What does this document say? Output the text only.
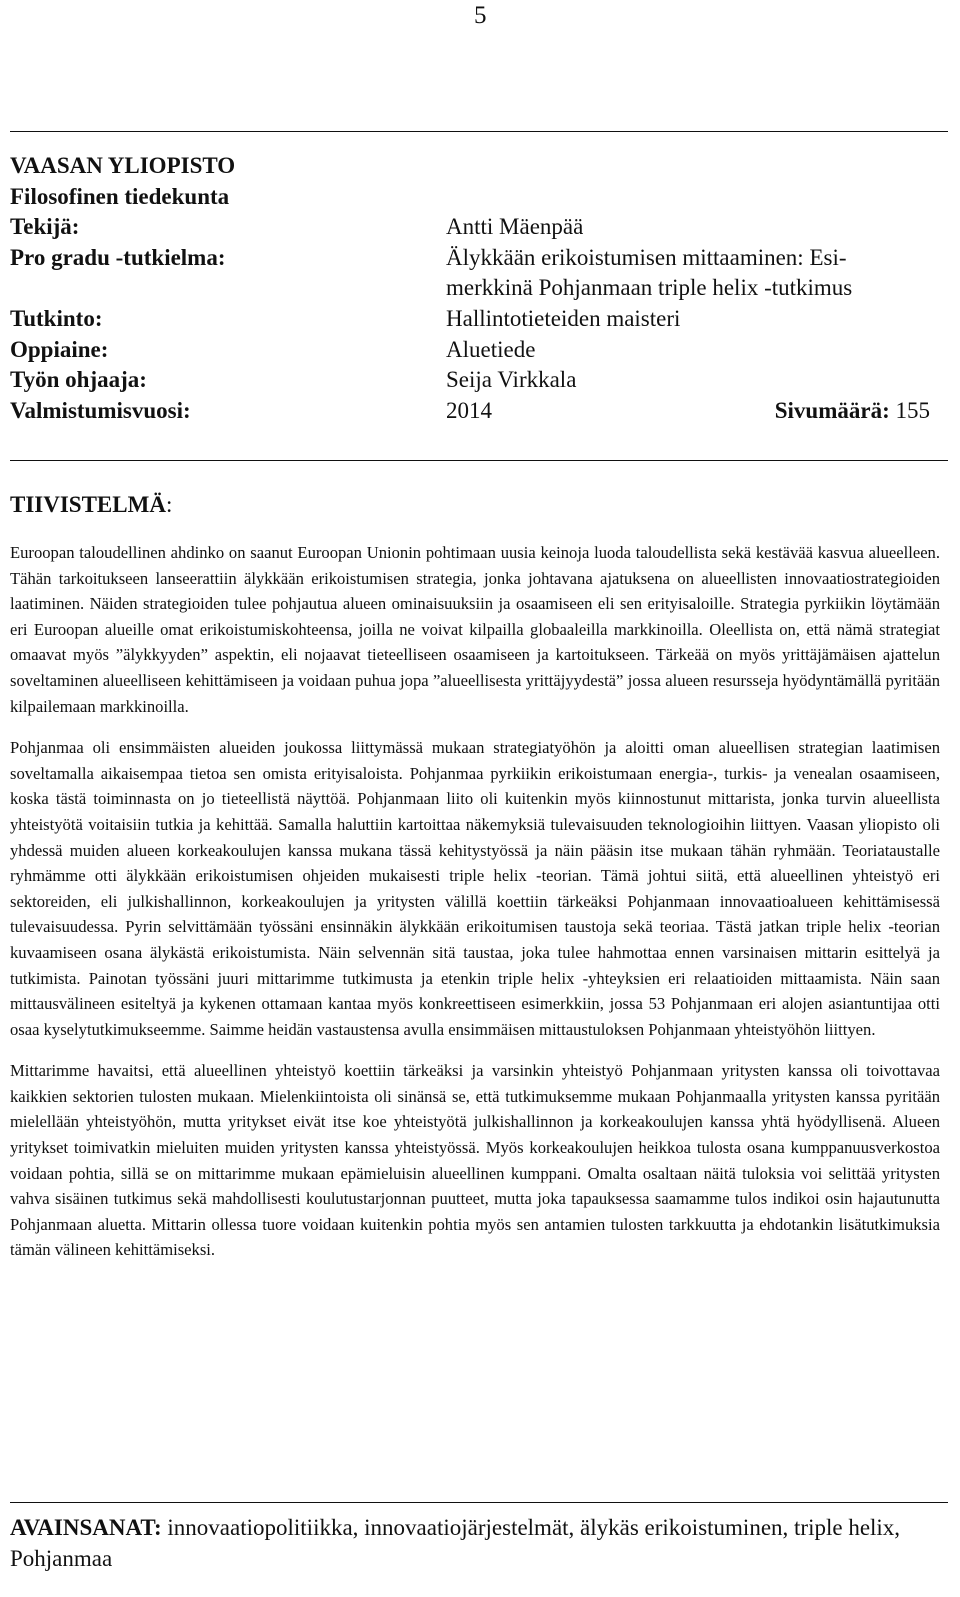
5
VAASAN YLIOPISTO
Filosofinen tiedekunta
Tekijä:	Antti Mäenpää
Pro gradu -tutkielma:	Älykkään erikoistumisen mittaaminen: Esi-
merkkinä Pohjanmaan triple helix -tutkimus
Tutkinto:	Hallintotieteiden maisteri
Oppiaine:	Aluetiede
Työn ohjaaja:	Seija Virkkala
Valmistumisvuosi:	2014	Sivumäärä: 155
TIIVISTELMÄ:

Euroopan taloudellinen ahdinko on saanut Euroopan Unionin pohtimaan uusia keinoja luoda taloudellista sekä kestävää kasvua alueelleen. Tähän tarkoitukseen lanseerattiin älykkään erikoistumisen strategia, jonka johtavana ajatuksena on alueellisten innovaatiostrategioiden laatiminen. Näiden strategioiden tulee pohjautua alueen ominaisuuksiin ja osaamiseen eli sen erityisaloille. Strategia pyrkiikin löytämään eri Euroopan alueille omat erikoistumiskohteensa, joilla ne voivat kilpailla globaaleilla markkinoilla. Oleellista on, että nämä strategiat omaavat myös ”älykkyyden” aspektin, eli nojaavat tieteelliseen osaamiseen ja kartoitukseen. Tärkeää on myös yrittäjämäisen ajattelun soveltaminen alueelliseen kehittämiseen ja voidaan puhua jopa ”alueellisesta yrittäjyydestä” jossa alueen resursseja hyödyntämällä pyritään kilpailemaan markkinoilla.

Pohjanmaa oli ensimmäisten alueiden joukossa liittymässä mukaan strategiatyöhön ja aloitti oman alueellisen strategian laatimisen soveltamalla aikaisempaa tietoa sen omista erityisaloista. Pohjanmaa pyrkiikin erikoistumaan energia-, turkis- ja venealan osaamiseen, koska tästä toiminnasta on jo tieteellistä näyttöä. Pohjanmaan liito oli kuitenkin myös kiinnostunut mittarista, jonka turvin alueellista yhteistyötä voitaisiin tutkia ja kehittää. Samalla haluttiin kartoittaa näkemyksiä tulevaisuuden teknologioihin liittyen. Vaasan yliopisto oli yhdessä muiden alueen korkeakoulujen kanssa mukana tässä kehitystyössä ja näin pääsin itse mukaan tähän ryhmään. Teoriataustalle ryhmämme otti älykkään erikoistumisen ohjeiden mukaisesti triple helix -teorian. Tämä johtui siitä, että alueellinen yhteistyö eri sektoreiden, eli julkishallinnon, korkeakoulujen ja yritysten välillä koettiin tärkeäksi Pohjanmaan innovaatioalueen kehittämisessä tulevaisuudessa. Pyrin selvittämään työssäni ensinnäkin älykkään erikoitumisen taustoja sekä teoriaa. Tästä jatkan triple helix -teorian kuvaamiseen osana älykästä erikoistumista. Näin selvennän sitä taustaa, joka tulee hahmottaa ennen varsinaisen mittarin esittelyä ja tutkimista. Painotan työssäni juuri mittarimme tutkimusta ja etenkin triple helix -yhteyksien eri relaatioiden mittaamista. Näin saan mittausvälineen esiteltyä ja kykenen ottamaan kantaa myös konkreettiseen esimerkkiin, jossa 53 Pohjanmaan eri alojen asiantuntijaa otti osaa kyselytutkimukseemme. Saimme heidän vastaustensa avulla ensimmäisen mittaustuloksen Pohjanmaan yhteistyöhön liittyen.

Mittarimme havaitsi, että alueellinen yhteistyö koettiin tärkeäksi ja varsinkin yhteistyö Pohjanmaan yritysten kanssa oli toivottavaa kaikkien sektorien tulosten mukaan. Mielenkiintoista oli sinänsä se, että tutkimuksemme mukaan Pohjanmaalla yritysten kanssa pyritään mielellään yhteistyöhön, mutta yritykset eivät itse koe yhteistyötä julkishallinnon ja korkeakoulujen kanssa yhtä hyödyllisenä. Alueen yritykset toimivatkin mieluiten muiden yritysten kanssa yhteistyössä. Myös korkeakoulujen heikkoa tulosta osana kumppanuusverkostoa voidaan pohtia, sillä se on mittarimme mukaan epämieluisin alueellinen kumppani. Omalta osaltaan näitä tuloksia voi selittää yritysten vahva sisäinen tutkimus sekä mahdollisesti koulutustarjonnan puutteet, mutta joka tapauksessa saamamme tulos indikoi osin hajautunutta Pohjanmaan aluetta. Mittarin ollessa tuore voidaan kuitenkin pohtia myös sen antamien tulosten tarkkuutta ja ehdotankin lisätutkimuksia tämän välineen kehittämiseksi.

AVAINSANAT: innovaatiopolitiikka, innovaatiojärjestelmät, älykäs erikoistuminen, triple helix, Pohjanmaa
